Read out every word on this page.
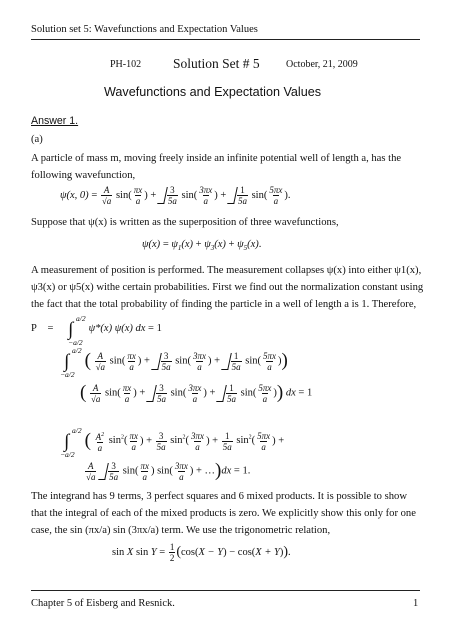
Solution set 5: Wavefunctions and Expectation Values
PH-102 Solution Set # 5	October, 21, 2009
Wavefunctions and Expectation Values
Answer 1.
(a)
A particle of mass m, moving freely inside an infinite potential well of length a, has the
following wavefunction,
ψ(x, $0) = \frac{A}{√a} \sin( \frac{\pi x}{a}$ ) + $\frac{3}{5a} \sin( \frac{3\pi x}{a}$ ) + $\frac{1}{5a} \sin( \frac{5\pi x}{a}$ ).
Suppose that ψ(x) is written as the superposition of three wavefunctions,
$\psi(x) = \psi_1(x) + \psi_3(x) + \psi_5(x)$.
A measurement of position is performed. The measurement collapses ψ(x) into either ψ1(x),
ψ3(x) or ψ5(x) withe certain probabilities. First we find out the normalization constant using
the fact that the total probability of finding the particle in a well of length a is 1. Therefore,
P = ∫
a/2
−a/2
ψ*(x) ψ(x) dx = 1
∫
a/2
−a/2
( $\frac{A}{√a} \sin( \frac{\pi x}{a}$ ) + $\frac{3}{5a} \sin( \frac{3\pi x}{a}$ ) + $\frac{1}{5a} \sin( \frac{5\pi x}{a}$ ))
( $\frac{A}{√a} \sin( \frac{\pi x}{a}$ ) + $\frac{3}{5a} \sin( \frac{3\pi x}{a}$ ) + $\frac{1}{5a} \sin( \frac{5\pi x}{a}$ )) dx = 1
∫
a/2
−a/2
( $\frac{A^2}{a} \sin^2( \frac{\pi x}{a}$ ) + $\frac{3}{5a} \sin^2( \frac{3\pi x}{a}$ ) + $\frac{1}{5a} \sin^2( \frac{5\pi x}{a}$ ) +
$\frac{A}{√a}$
$\frac{3}{5a} \sin( \frac{\pi x}{a}$ ) $\sin( \frac{3\pi x}{a}$ ) + …)dx = 1.
The integrand has 9 terms, 3 perfect squares and 6 mixed products. It is possible to show
that the integral of each of the mixed products is zero. We explicitly show this only for one
case, the sin (πx/a) sin (3πx/a) term. We use the trigonometric relation,
sin X $\sin Y = \frac{1}{2} (\cos(X - Y) - \cos(X + Y))$.
Chapter 5 of Eisberg and Resnick.	1
